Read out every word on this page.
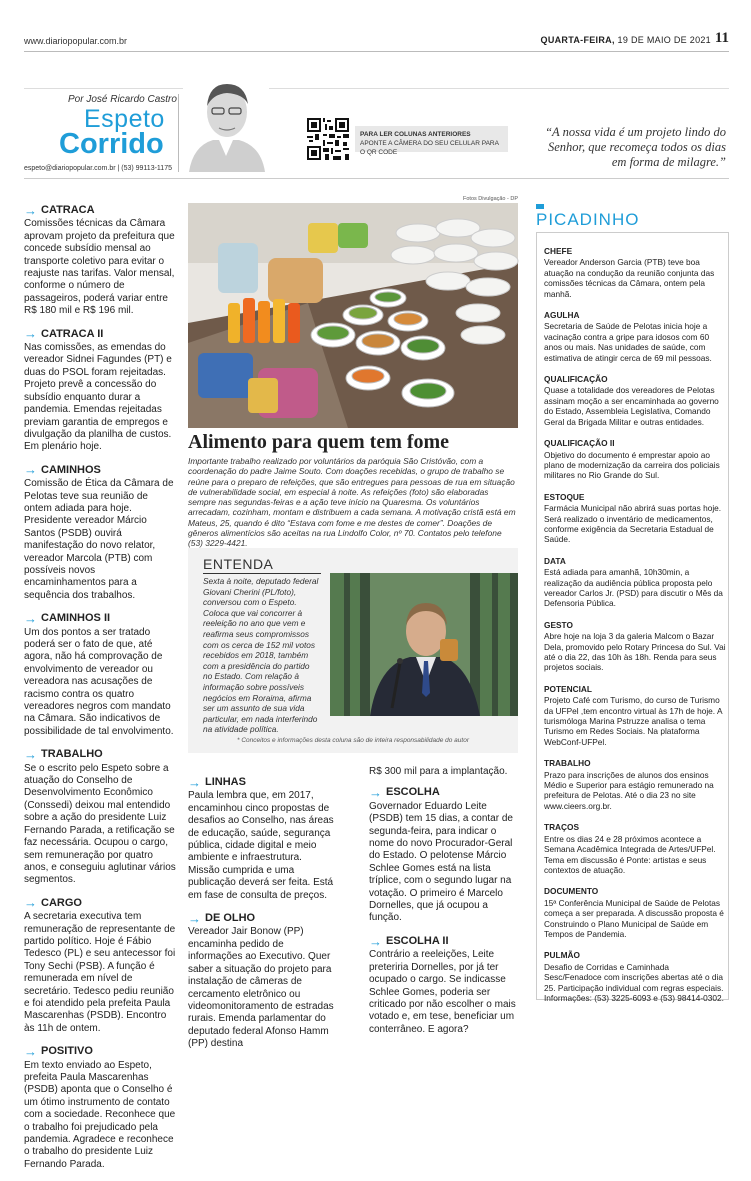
www.diariopopular.com.br	QUARTA-FEIRA, 19 DE MAIO DE 2021 11
Por José Ricardo Castro
Espeto
Corrido
espeto@diariopopular.com.br | (53) 99113-1175
PARA LER COLUNAS ANTERIORES
APONTE A CÂMERA DO SEU CELULAR PARA O QR CODE
“A nossa vida é um projeto lindo do Senhor, que recomeça todos os dias em forma de milagre.”
→ CATRACA
Comissões técnicas da Câmara aprovam projeto da prefeitura que concede subsídio mensal ao transporte coletivo para evitar o reajuste nas tarifas. Valor mensal, conforme o número de passageiros, poderá variar entre R$ 180 mil e R$ 196 mil.
→ CATRACA II
Nas comissões, as emendas do vereador Sidnei Fagundes (PT) e duas do PSOL foram rejeitadas. Projeto prevê a concessão do subsídio enquanto durar a pandemia. Emendas rejeitadas previam garantia de empregos e divulgação da planilha de custos. Em plenário hoje.
→ CAMINHOS
Comissão de Ética da Câmara de Pelotas teve sua reunião de ontem adiada para hoje. Presidente vereador Márcio Santos (PSDB) ouvirá manifestação do novo relator, vereador Marcola (PTB) com possíveis novos encaminhamentos para a sequência dos trabalhos.
→ CAMINHOS II
Um dos pontos a ser tratado poderá ser o fato de que, até agora, não há comprovação de envolvimento de vereador ou vereadora nas acusações de racismo contra os quatro vereadores negros com mandato na Câmara. São indicativos de possibilidade de tal envolvimento.
→ TRABALHO
Se o escrito pelo Espeto sobre a atuação do Conselho de Desenvolvimento Econômico (Conssedi) deixou mal entendido sobre a ação do presidente Luiz Fernando Parada, a retificação se faz necessária. Ocupou o cargo, sem remuneração por quatro anos, e conseguiu aglutinar vários segmentos.
→ CARGO
A secretaria executiva tem remuneração de representante de partido político. Hoje é Fábio Tedesco (PL) e seu antecessor foi Tony Sechi (PSB). A função é remunerada em nível de secretário. Tedesco pediu reunião e foi atendido pela prefeita Paula Mascarenhas (PSDB). Encontro às 11h de ontem.
→ POSITIVO
Em texto enviado ao Espeto, prefeita Paula Mascarenhas (PSDB) aponta que o Conselho é um ótimo instrumento de contato com a sociedade. Reconhece que o trabalho foi prejudicado pela pandemia. Agradece e reconhece o trabalho do presidente Luiz Fernando Parada.
Fotos Divulgação - DP
Alimento para quem tem fome
Importante trabalho realizado por voluntários da paróquia São Cristóvão, com a coordenação do padre Jaime Souto. Com doações recebidas, o grupo de trabalho se reúne para o preparo de refeições, que são entregues para pessoas de rua em situação de vulnerabilidade social, em especial à noite. As refeições (foto) são elaboradas sempre nas segundas-feiras e a ação teve início na Quaresma. Os voluntários arrecadam, cozinham, montam e distribuem a cada semana. A motivação cristã está em Mateus, 25, quando é dito “Estava com fome e me destes de comer”. Doações de gêneros alimentícios são aceitas na rua Lindolfo Color, nº 70. Contatos pelo telefone (53) 3229-4421.
ENTENDA
Sexta à noite, deputado federal Giovani Cherini (PL/foto), conversou com o Espeto. Coloca que vai concorrer à reeleição no ano que vem e reafirma seus compromissos com os cerca de 152 mil votos recebidos em 2018, também com a presidência do partido no Estado. Com relação à informação sobre possíveis negócios em Roraima, afirma ser um assunto de sua vida particular, em nada interferindo na atividade política.
* Conceitos e informações desta coluna são de inteira responsabilidade do autor
→ LINHAS
Paula lembra que, em 2017, encaminhou cinco propostas de desafios ao Conselho, nas áreas de educação, saúde, segurança pública, cidade digital e meio ambiente e infraestrutura. Missão cumprida e uma publicação deverá ser feita. Está em fase de consulta de preços.
→ DE OLHO
Vereador Jair Bonow (PP) encaminha pedido de informações ao Executivo. Quer saber a situação do projeto para instalação de câmeras de cercamento eletrônico ou videomonitoramento de estradas rurais. Emenda parlamentar do deputado federal Afonso Hamm (PP) destina
R$ 300 mil para a implantação.
→ ESCOLHA
Governador Eduardo Leite (PSDB) tem 15 dias, a contar de segunda-feira, para indicar o nome do novo Procurador-Geral do Estado. O pelotense Márcio Schlee Gomes está na lista tríplice, com o segundo lugar na votação. O primeiro é Marcelo Dornelles, que já ocupou a função.
→ ESCOLHA II
Contrário a reeleições, Leite preteriria Dornelles, por já ter ocupado o cargo. Se indicasse Schlee Gomes, poderia ser criticado por não escolher o mais votado e, em tese, beneficiar um conterrâneo. E agora?
PICADINHO
CHEFE
Vereador Anderson Garcia (PTB) teve boa atuação na condução da reunião conjunta das comissões técnicas da Câmara, ontem pela manhã.
AGULHA
Secretaria de Saúde de Pelotas inicia hoje a vacinação contra a gripe para idosos com 60 anos ou mais. Nas unidades de saúde, com estimativa de atingir cerca de 69 mil pessoas.
QUALIFICAÇÃO
Quase a totalidade dos vereadores de Pelotas assinam moção a ser encaminhada ao governo do Estado, Assembleia Legislativa, Comando Geral da Brigada Militar e outras entidades.
QUALIFICAÇÃO II
Objetivo do documento é emprestar apoio ao plano de modernização da carreira dos policiais militares no Rio Grande do Sul.
ESTOQUE
Farmácia Municipal não abrirá suas portas hoje. Será realizado o inventário de medicamentos, conforme exigência da Secretaria Estadual de Saúde.
DATA
Está adiada para amanhã, 10h30min, a realização da audiência pública proposta pelo vereador Carlos Jr. (PSD) para discutir o Mês da Defensoria Pública.
GESTO
Abre hoje na loja 3 da galeria Malcom o Bazar Dela, promovido pelo Rotary Princesa do Sul. Vai até o dia 22, das 10h às 18h. Renda para seus projetos sociais.
POTENCIAL
Projeto Café com Turismo, do curso de Turismo da UFPel ,tem encontro virtual às 17h de hoje. A turismóloga Marina Pstruzze analisa o tema Turismo em Redes Sociais. Na plataforma WebConf-UFPel.
TRABALHO
Prazo para inscrições de alunos dos ensinos Médio e Superior para estágio remunerado na prefeitura de Pelotas. Até o dia 23 no site www.cieers.org.br.
TRAÇOS
Entre os dias 24 e 28 próximos acontece a Semana Acadêmica Integrada de Artes/UFPel. Tema em discussão é Ponte: artistas e seus contextos de atuação.
DOCUMENTO
15ª Conferência Municipal de Saúde de Pelotas começa a ser preparada. A discussão proposta é Construindo o Plano Municipal de Saúde em Tempos de Pandemia.
PULMÃO
Desafio de Corridas e Caminhada Sesc/Fenadoce com inscrições abertas até o dia 25. Participação individual com regras especiais. Informações: (53) 3225-6093 e (53) 98414-0302.
